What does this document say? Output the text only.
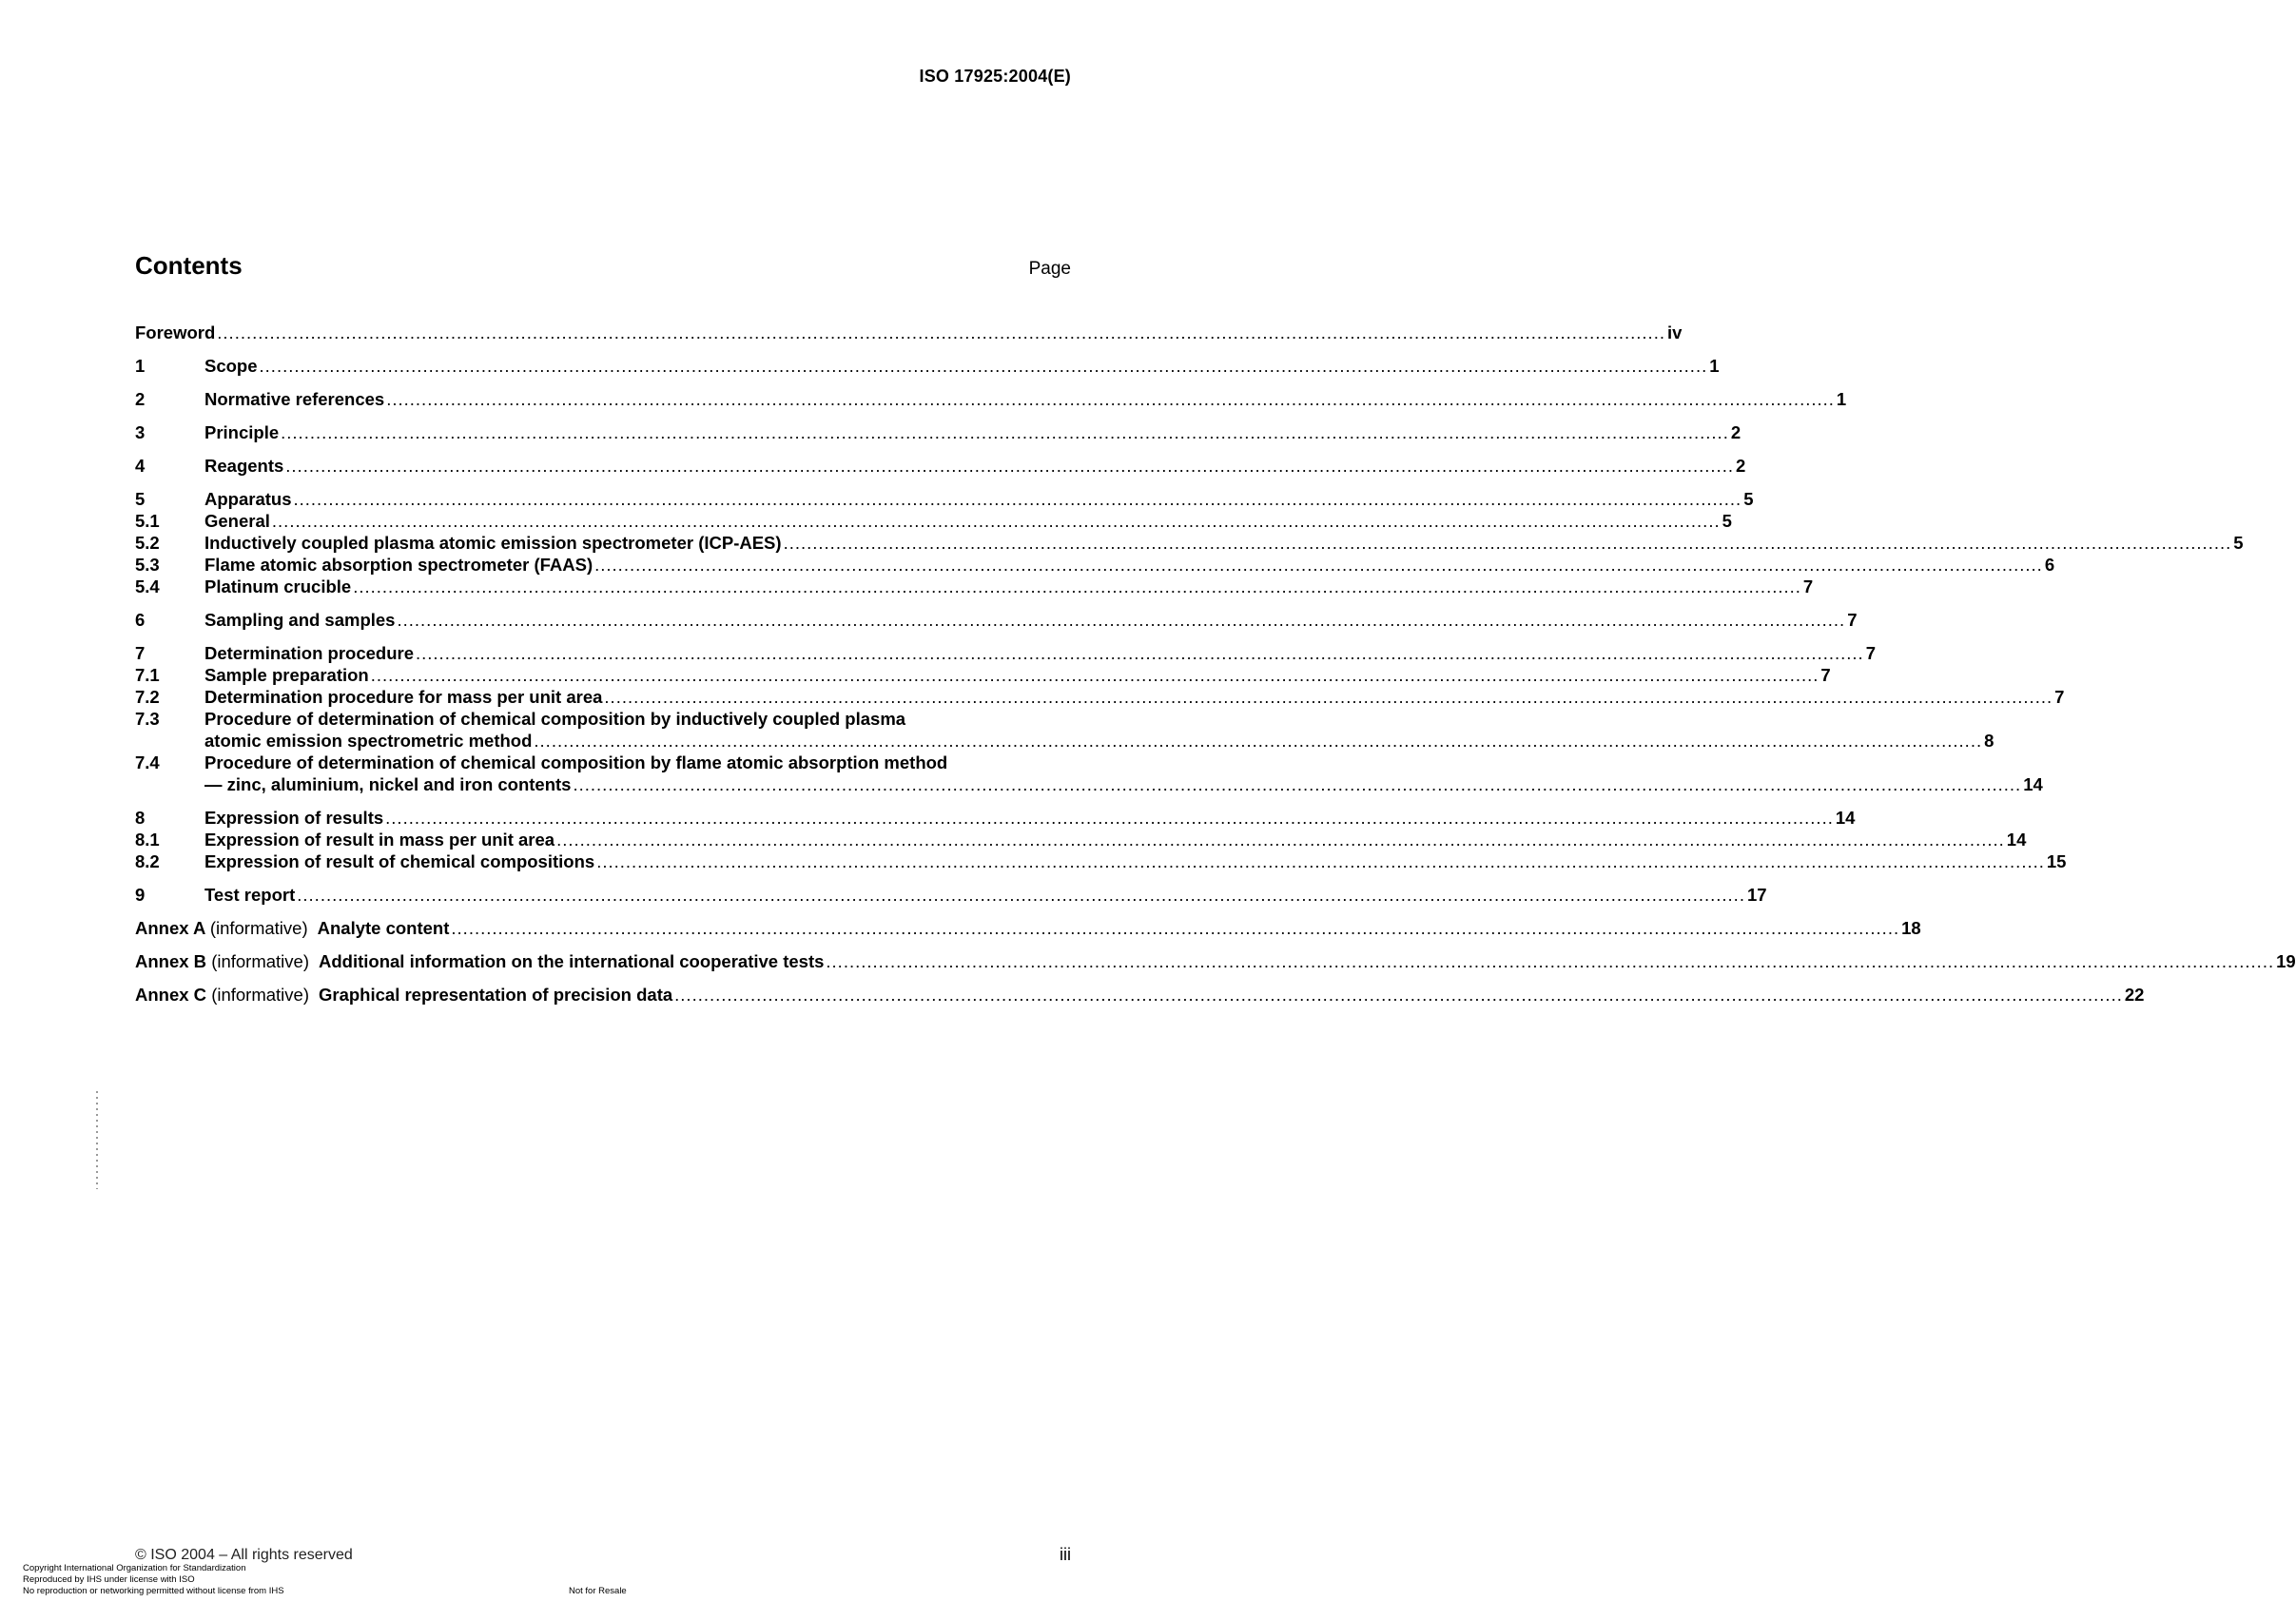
ISO 17925:2004(E)
Contents	Page
Foreword .....	iv
1	Scope .....	1
2	Normative references .....	1
3	Principle .....	2
4	Reagents .....	2
5	Apparatus .....	5
5.1	General .....	5
5.2	Inductively coupled plasma atomic emission spectrometer (ICP-AES) .....	5
5.3	Flame atomic absorption spectrometer (FAAS) .....	6
5.4	Platinum crucible .....	7
6	Sampling and samples .....	7
7	Determination procedure .....	7
7.1	Sample preparation .....	7
7.2	Determination procedure for mass per unit area .....	7
7.3	Procedure of determination of chemical composition by inductively coupled plasma
atomic emission spectrometric method .....	8
7.4	Procedure of determination of chemical composition by flame atomic absorption method
— zinc, aluminium, nickel and iron contents .....	14
8	Expression of results .....	14
8.1	Expression of result in mass per unit area .....	14
8.2	Expression of result of chemical compositions .....	15
9	Test report .....	17
Annex A (informative) Analyte content .....	18
Annex B (informative) Additional information on the international cooperative tests .....	19
Annex C (informative) Graphical representation of precision data .....	22
© ISO 2004 – All rights reserved	iii
Copyright International Organization for Standardization
Reproduced by IHS under license with ISO
No reproduction or networking permitted without license from IHS	Not for Resale
